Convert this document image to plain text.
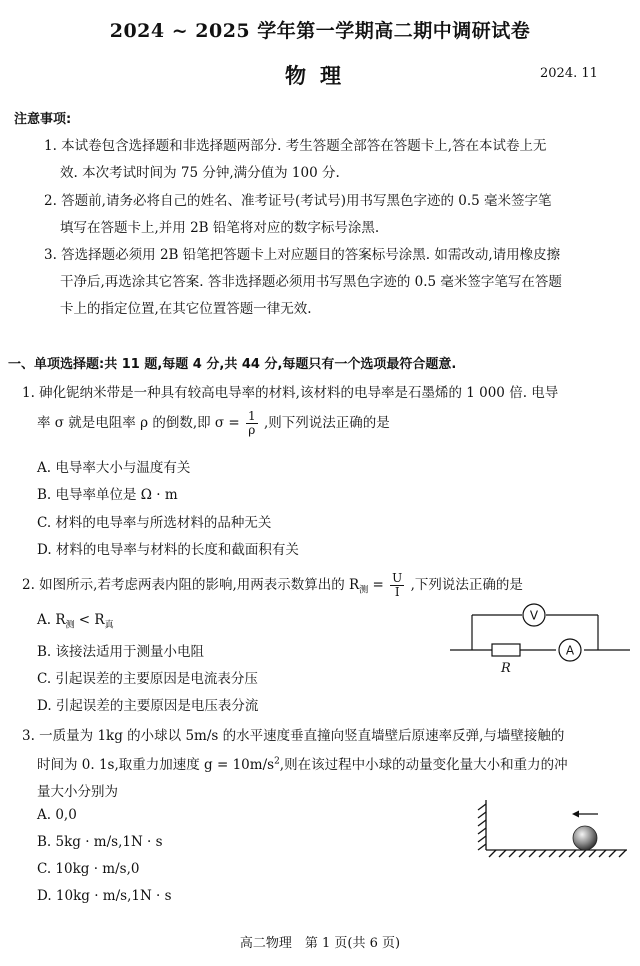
2024 ~ 2025 学年第一学期高二期中调研试卷
物理	2024. 11
注意事项:
1. 本试卷包含选择题和非选择题两部分. 考生答题全部答在答题卡上,答在本试卷上无
效. 本次考试时间为 75 分钟,满分值为 100 分.
2. 答题前,请务必将自己的姓名、准考证号(考试号)用书写黑色字迹的 0.5 毫米签字笔
填写在答题卡上,并用 2B 铅笔将对应的数字标号涂黑.
3. 答选择题必须用 2B 铅笔把答题卡上对应题目的答案标号涂黑. 如需改动,请用橡皮擦
干净后,再选涂其它答案. 答非选择题必须用书写黑色字迹的 0.5 毫米签字笔写在答题
卡上的指定位置,在其它位置答题一律无效.
一、单项选择题:共 11 题,每题 4 分,共 44 分,每题只有一个选项最符合题意.
1. 砷化铌纳米带是一种具有较高电导率的材料,该材料的电导率是石墨烯的 1 000 倍. 电导
率 σ 就是电阻率 ρ 的倒数,即 $\sigma = \frac{1}{\rho}$ ,则下列说法正确的是
A. 电导率大小与温度有关
B. 电导率单位是 Ω · m
C. 材料的电导率与所选材料的品种无关
D. 材料的电导率与材料的长度和截面积有关
2. 如图所示,若考虑两表内阻的影响,用两表示数算出的 $R_测 = \frac{U}{I}$ ,下列说法正确的是
A. $R_测 < R_真$
B. 该接法适用于测量小电阻
C. 引起误差的主要原因是电流表分压
D. 引起误差的主要原因是电压表分流
V
A
R
3. 一质量为 1kg 的小球以 5m/s 的水平速度垂直撞向竖直墙壁后原速率反弹,与墙壁接触的
时间为 0. 1s,取重力加速度 $g = 10m/s^2$,则在该过程中小球的动量变化量大小和重力的冲
量大小分别为
A. 0,0
B. 5kg · m/s,1N · s
C. 10kg · m/s,0
D. 10kg · m/s,1N · s
高二物理　第 1 页(共 6 页)
